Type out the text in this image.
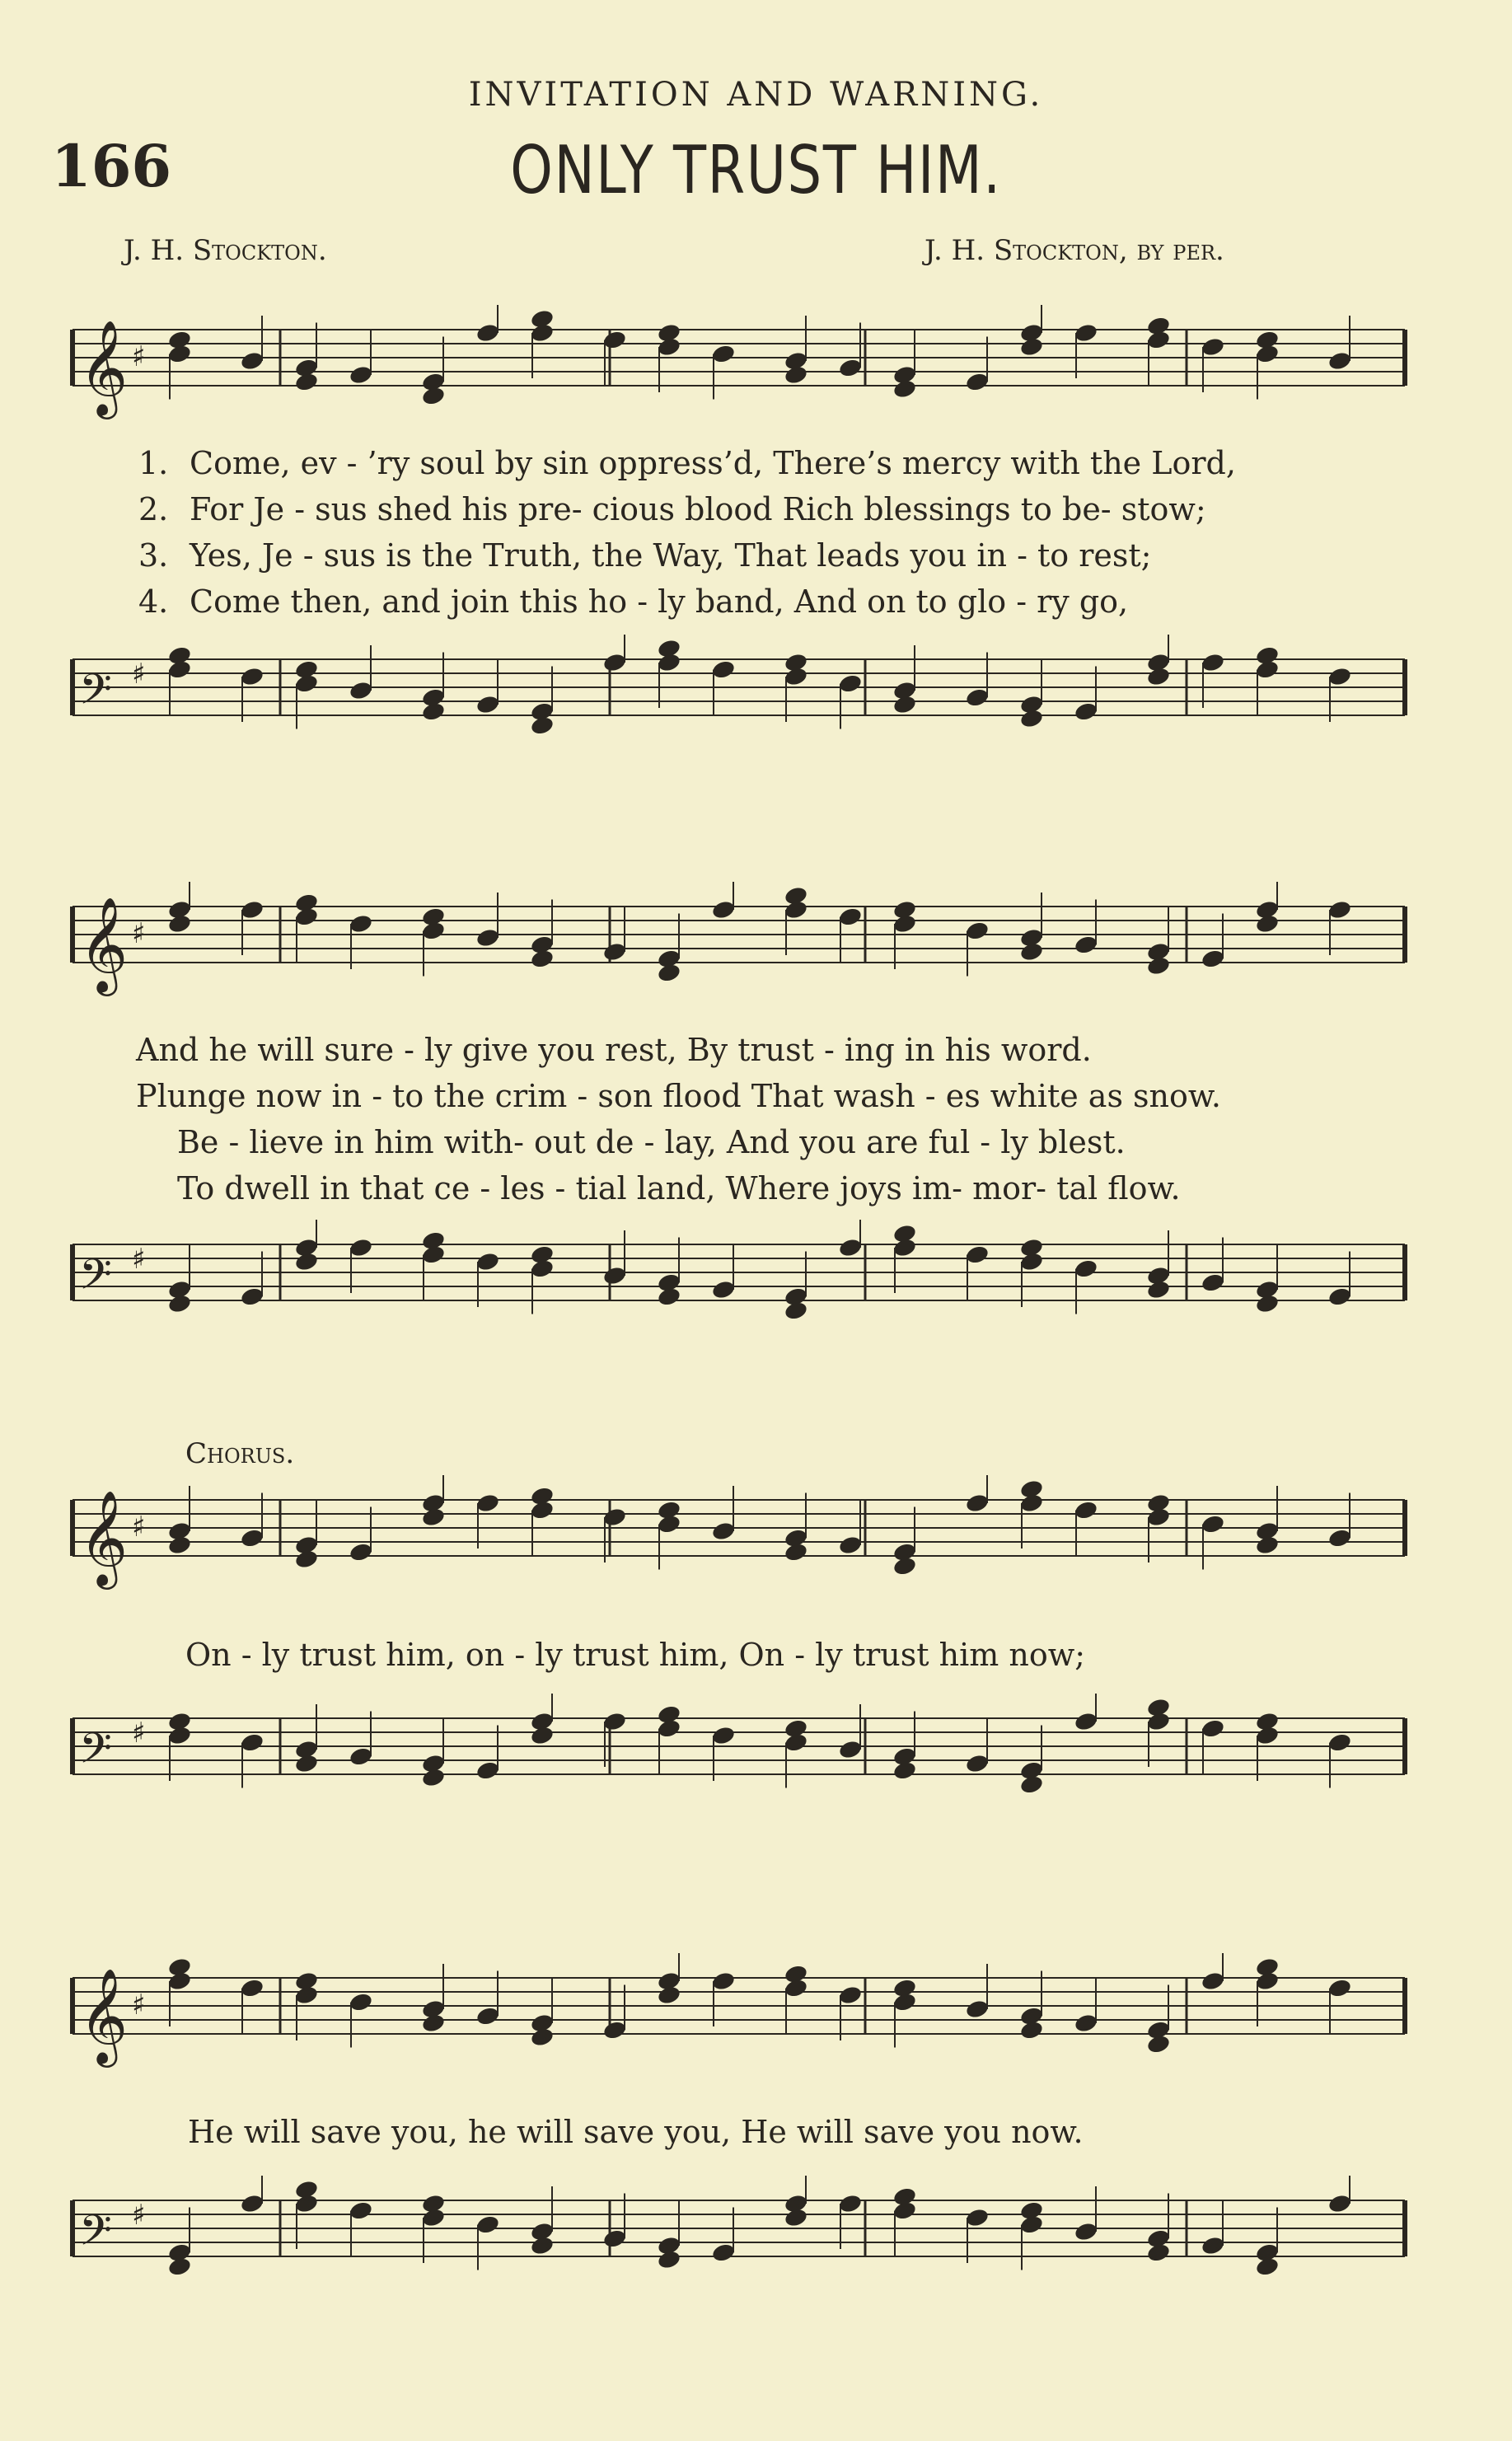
INVITATION AND WARNING.
166	ONLY TRUST HIM.
J. H. Stockton.	J. H. Stockton, by per.
𝄞 ♯
1. Come, ev - ’ry soul by sin oppress’d, There’s mercy with the Lord,
2. For Je - sus shed his pre- cious blood Rich blessings to be- stow;
3. Yes, Je - sus is the Truth, the Way, That leads you in - to rest;
4. Come then, and join this ho - ly band, And on to glo - ry go,
𝄢 ♯
𝄞 ♯
And he will sure - ly give you rest, By trust - ing in his word.
Plunge now in - to the crim - son flood That wash - es white as snow.
Be - lieve in him with- out de - lay, And you are ful - ly blest.
To dwell in that ce - les - tial land, Where joys im- mor- tal flow.
𝄢 ♯
Chorus.
𝄞 ♯
On - ly trust him, on - ly trust him, On - ly trust him now;
𝄢 ♯
𝄞 ♯
He will save you, he will save you, He will save you now.
𝄢 ♯
